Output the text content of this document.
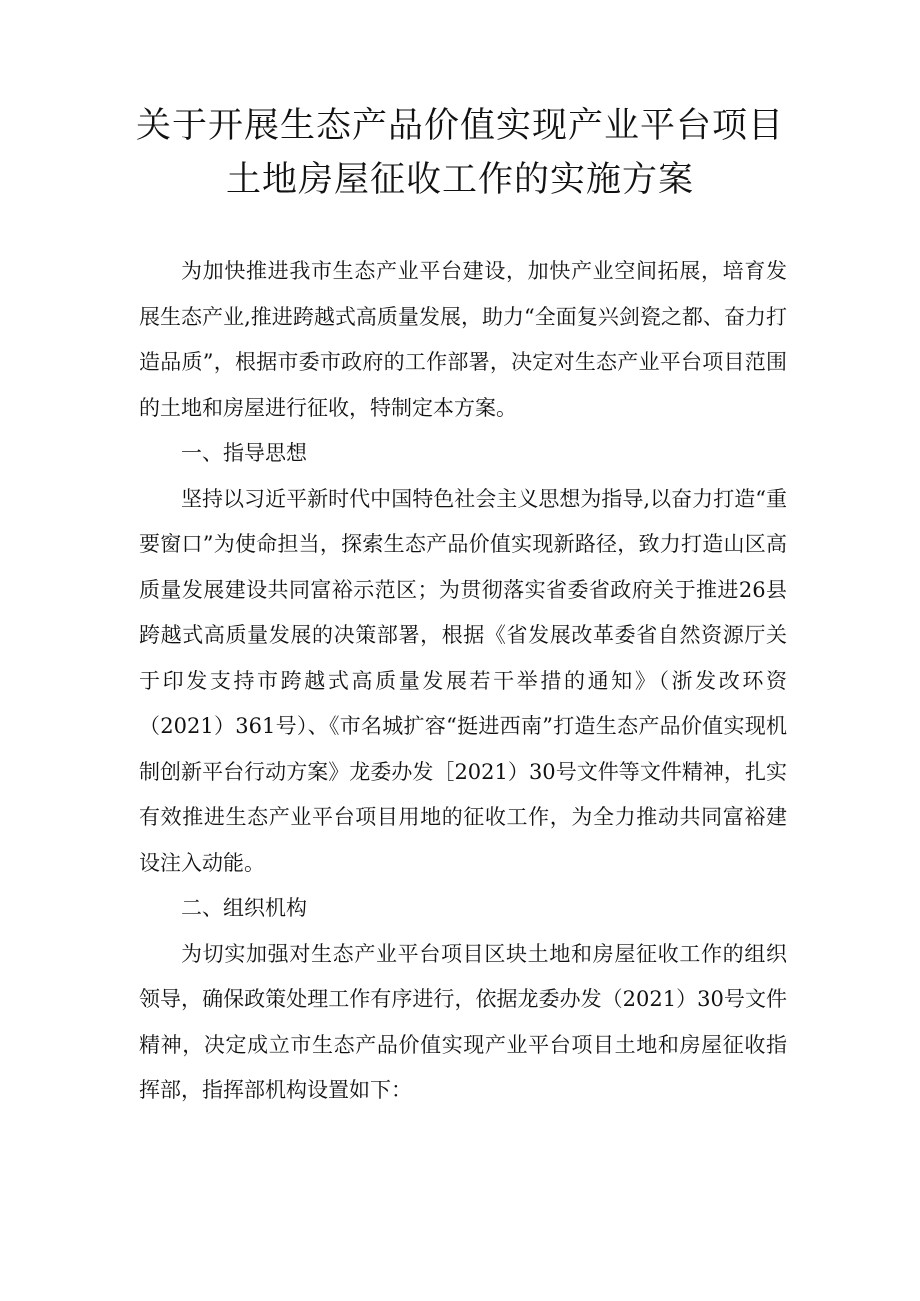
关于开展生态产品价值实现产业平台项目
土地房屋征收工作的实施方案

为加快推进我市生态产业平台建设，加快产业空间拓展，培育发展生态产业,推进跨越式高质量发展，助力“全面复兴剑瓷之都、奋力打造品质”，根据市委市政府的工作部署，决定对生态产业平台项目范围的土地和房屋进行征收，特制定本方案。

一、指导思想

坚持以习近平新时代中国特色社会主义思想为指导,以奋力打造“重要窗口”为使命担当，探索生态产品价值实现新路径，致力打造山区高质量发展建设共同富裕示范区；为贯彻落实省委省政府关于推进26县跨越式高质量发展的决策部署，根据《省发展改革委省自然资源厅关于印发支持市跨越式高质量发展若干举措的通知》（浙发改环资（2021）361号）、《市名城扩容“挺进西南”打造生态产品价值实现机制创新平台行动方案》龙委办发［2021）30号文件等文件精神，扎实有效推进生态产业平台项目用地的征收工作，为全力推动共同富裕建设注入动能。

二、组织机构

为切实加强对生态产业平台项目区块土地和房屋征收工作的组织领导，确保政策处理工作有序进行，依据龙委办发（2021）30号文件精神，决定成立市生态产品价值实现产业平台项目土地和房屋征收指挥部，指挥部机构设置如下：
